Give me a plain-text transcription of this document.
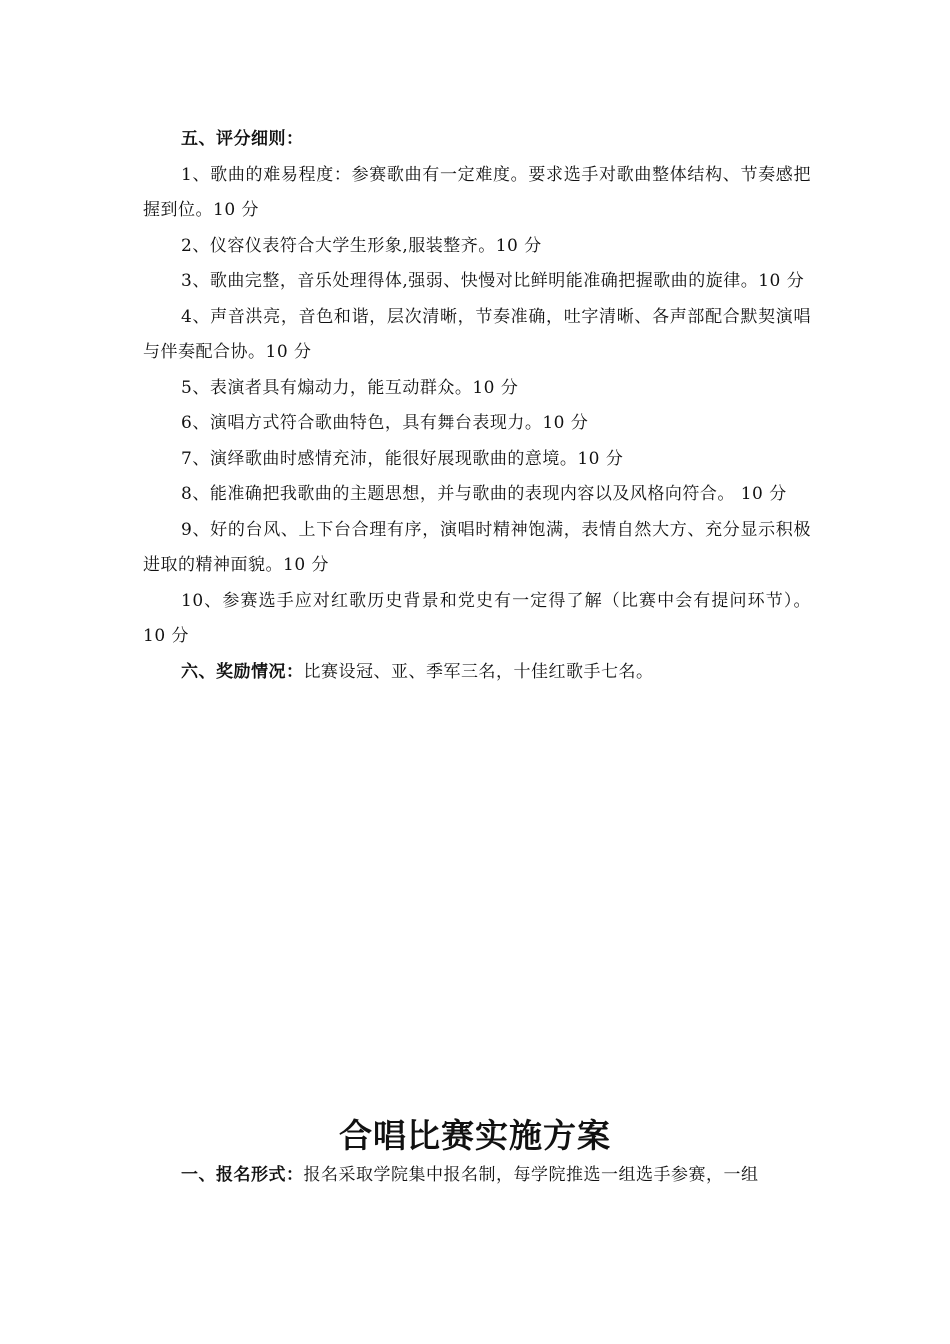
五、评分细则：

1、歌曲的难易程度：参赛歌曲有一定难度。要求选手对歌曲整体结构、节奏感把握到位。10 分

2、仪容仪表符合大学生形象,服装整齐。10 分

3、歌曲完整，音乐处理得体,强弱、快慢对比鲜明能准确把握歌曲的旋律。10 分

4、声音洪亮，音色和谐，层次清晰，节奏准确，吐字清晰、各声部配合默契演唱与伴奏配合协。10 分

5、表演者具有煽动力，能互动群众。10 分

6、演唱方式符合歌曲特色，具有舞台表现力。10 分

7、演绎歌曲时感情充沛，能很好展现歌曲的意境。10 分

8、能准确把我歌曲的主题思想，并与歌曲的表现内容以及风格向符合。 10 分

9、好的台风、上下台合理有序，演唱时精神饱满，表情自然大方、充分显示积极进取的精神面貌。10 分

10、参赛选手应对红歌历史背景和党史有一定得了解（比赛中会有提问环节）。10 分

六、奖励情况：比赛设冠、亚、季军三名，十佳红歌手七名。

合唱比赛实施方案

一、报名形式：报名采取学院集中报名制，每学院推选一组选手参赛，一组
